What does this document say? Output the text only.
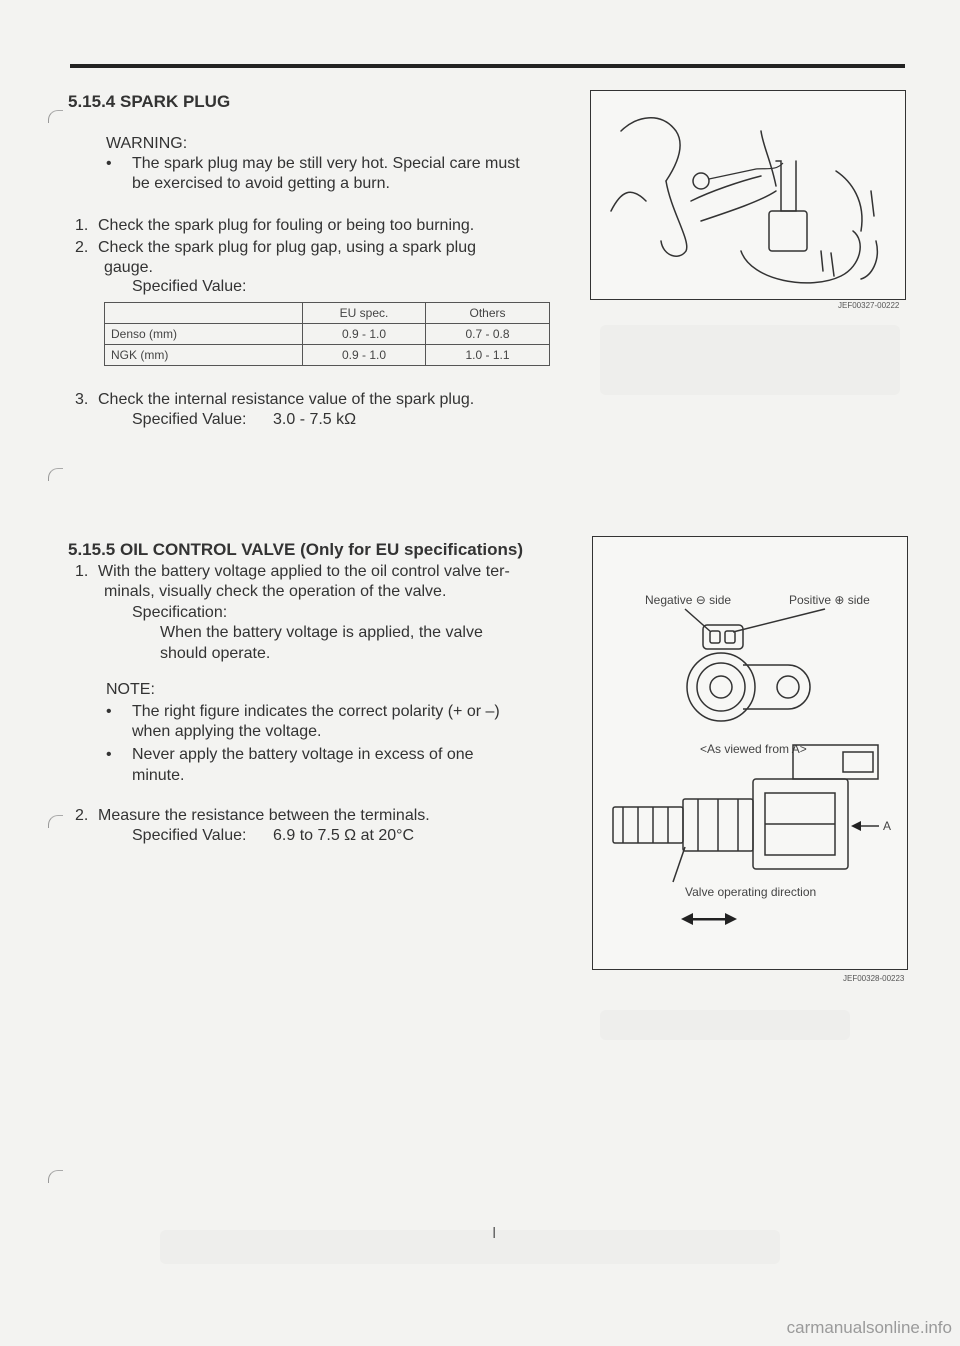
5.15.4 SPARK PLUG
WARNING:
•	The spark plug may be still very hot. Special care must
be exercised to avoid getting a burn.
1. Check the spark plug for fouling or being too burning.
2. Check the spark plug for plug gap, using a spark plug
gauge.
Specified Value:
	EU spec.	Others
Denso (mm)	0.9 - 1.0	0.7 - 0.8
NGK (mm)	0.9 - 1.0	1.0 - 1.1
3. Check the internal resistance value of the spark plug.
Specified Value: 3.0 - 7.5 kΩ
JEF00327-00222
5.15.5 OIL CONTROL VALVE (Only for EU specifications)
1. With the battery voltage applied to the oil control valve ter-
minals, visually check the operation of the valve.
Specification:
When the battery voltage is applied, the valve
should operate.
NOTE:
•	The right figure indicates the correct polarity (+ or –)
when applying the voltage.
•	Never apply the battery voltage in excess of one
minute.
2. Measure the resistance between the terminals.
Specified Value: 6.9 to 7.5 Ω at 20°C
Negative ⊖ side	Positive ⊕ side
<As viewed from A>
A
Valve operating direction
JEF00328-00223
I
carmanualsonline.info
